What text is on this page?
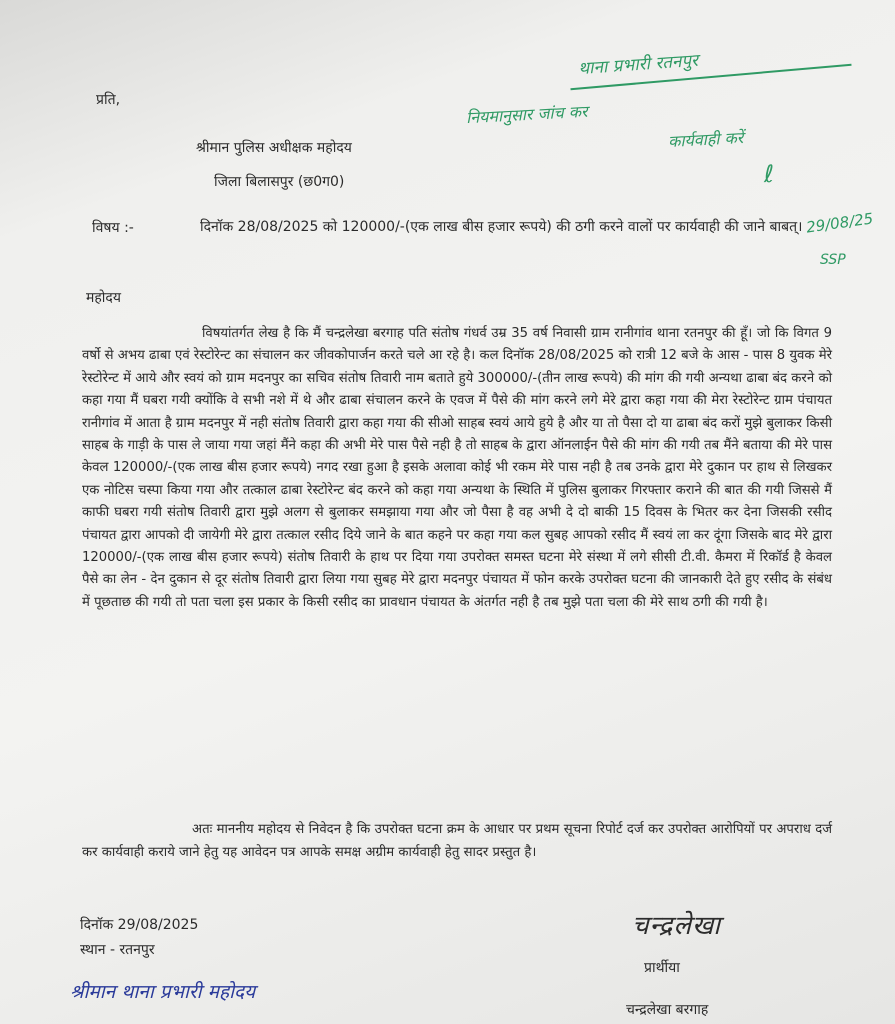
प्रति,
श्रीमान पुलिस अधीक्षक महोदय
जिला बिलासपुर (छ0ग0)
विषय :-	दिनॉक 28/08/2025 को 120000/-(एक लाख बीस हजार रूपये) की ठगी करने वालों पर कार्यवाही की जाने बाबत्।
महोदय
विषयांतर्गत लेख है कि मैं चन्द्रलेखा बरगाह पति संतोष गंधर्व उम्र 35 वर्ष निवासी ग्राम रानीगांव थाना रतनपुर की हूँ। जो कि विगत 9 वर्षो से अभय ढाबा एवं रेस्टोरेन्ट का संचालन कर जीवकोपार्जन करते चले आ रहे है। कल दिनॉक 28/08/2025 को रात्री 12 बजे के आस - पास 8 युवक मेरे रेस्टोरेन्ट में आये और स्वयं को ग्राम मदनपुर का सचिव संतोष तिवारी नाम बताते हुये 300000/-(तीन लाख रूपये) की मांग की गयी अन्यथा ढाबा बंद करने को कहा गया मैं घबरा गयी क्योंकि वे सभी नशे में थे और ढाबा संचालन करने के एवज में पैसे की मांग करने लगे मेरे द्वारा कहा गया की मेरा रेस्टोरेन्ट ग्राम पंचायत रानीगांव में आता है ग्राम मदनपुर में नही संतोष तिवारी द्वारा कहा गया की सीओ साहब स्वयं आये हुये है और या तो पैसा दो या ढाबा बंद करों मुझे बुलाकर किसी साहब के गाड़ी के पास ले जाया गया जहां मैंने कहा की अभी मेरे पास पैसे नही है तो साहब के द्वारा ऑनलाईन पैसे की मांग की गयी तब मैंने बताया की मेरे पास केवल 120000/-(एक लाख बीस हजार रूपये) नगद रखा हुआ है इसके अलावा कोई भी रकम मेरे पास नही है तब उनके द्वारा मेरे दुकान पर हाथ से लिखकर एक नोटिस चस्पा किया गया और तत्काल ढाबा रेस्टोरेन्ट बंद करने को कहा गया अन्यथा के स्थिति में पुलिस बुलाकर गिरफ्तार कराने की बात की गयी जिससे मैं काफी घबरा गयी संतोष तिवारी द्वारा मुझे अलग से बुलाकर समझाया गया और जो पैसा है वह अभी दे दो बाकी 15 दिवस के भितर कर देना जिसकी रसीद पंचायत द्वारा आपको दी जायेगी मेरे द्वारा तत्काल रसीद दिये जाने के बात कहने पर कहा गया कल सुबह आपको रसीद मैं स्वयं ला कर दूंगा जिसके बाद मेरे द्वारा 120000/-(एक लाख बीस हजार रूपये) संतोष तिवारी के हाथ पर दिया गया उपरोक्त समस्त घटना मेरे संस्था में लगे सीसी टी.वी. कैमरा में रिकॉर्ड है केवल पैसे का लेन - देन दुकान से दूर संतोष तिवारी द्वारा लिया गया सुबह मेरे द्वारा मदनपुर पंचायत में फोन करके उपरोक्त घटना की जानकारी देते हुए रसीद के संबंध में पूछताछ की गयी तो पता चला इस प्रकार के किसी रसीद का प्रावधान पंचायत के अंतर्गत नही है तब मुझे पता चला की मेरे साथ ठगी की गयी है।
अतः माननीय महोदय से निवेदन है कि उपरोक्त घटना क्रम के आधार पर प्रथम सूचना रिपोर्ट दर्ज कर उपरोक्त आरोपियों पर अपराध दर्ज कर कार्यवाही कराये जाने हेतु यह आवेदन पत्र आपके समक्ष अग्रीम कार्यवाही हेतु सादर प्रस्तुत है।
दिनॉक 29/08/2025
स्थान - रतनपुर
प्रार्थीया
चन्द्रलेखा बरगाह
थाना प्रभारी रतनपुर
नियमानुसार जांच कर
कार्यवाही करें
ℓ
29/08/25
SSP
चन्द्रलेखा
श्रीमान थाना प्रभारी महोदय
